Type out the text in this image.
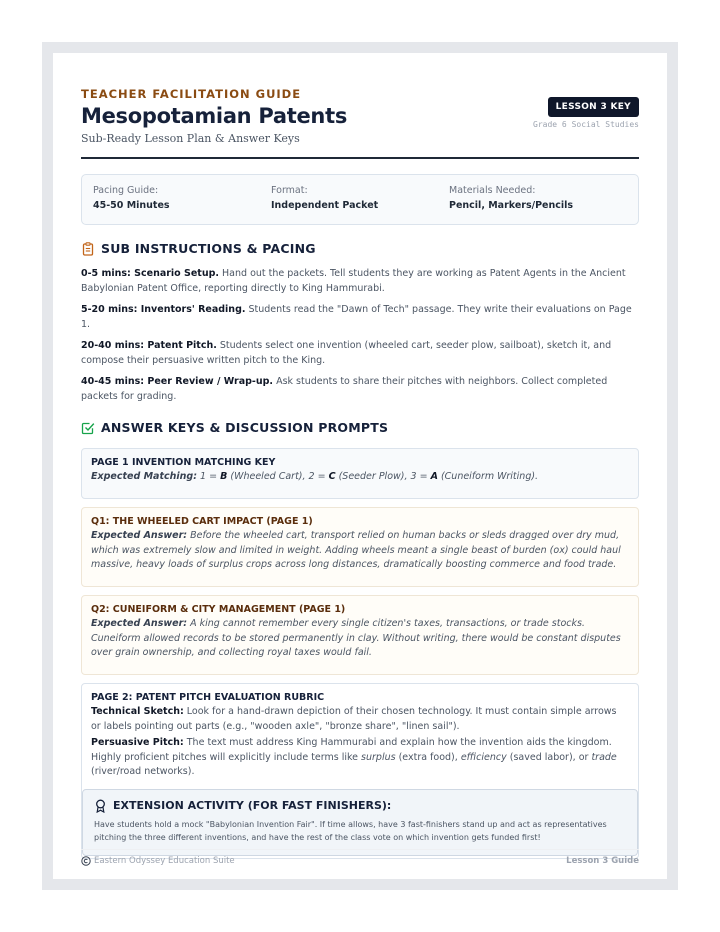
TEACHER FACILITATION GUIDE
Mesopotamian Patents
Sub-Ready Lesson Plan & Answer Keys
LESSON 3 KEY
Grade 6 Social Studies
Pacing Guide:
45-50 Minutes
Format:
Independent Packet
Materials Needed:
Pencil, Markers/Pencils
SUB INSTRUCTIONS & PACING
0-5 mins: Scenario Setup. Hand out the packets. Tell students they are working as Patent Agents in the Ancient Babylonian Patent Office, reporting directly to King Hammurabi.
5-20 mins: Inventors' Reading. Students read the "Dawn of Tech" passage. They write their evaluations on Page 1.
20-40 mins: Patent Pitch. Students select one invention (wheeled cart, seeder plow, sailboat), sketch it, and compose their persuasive written pitch to the King.
40-45 mins: Peer Review / Wrap-up. Ask students to share their pitches with neighbors. Collect completed packets for grading.
ANSWER KEYS & DISCUSSION PROMPTS
PAGE 1 INVENTION MATCHING KEY
Expected Matching: 1 = B (Wheeled Cart), 2 = C (Seeder Plow), 3 = A (Cuneiform Writing).
Q1: THE WHEELED CART IMPACT (PAGE 1)
Expected Answer: Before the wheeled cart, transport relied on human backs or sleds dragged over dry mud, which was extremely slow and limited in weight. Adding wheels meant a single beast of burden (ox) could haul massive, heavy loads of surplus crops across long distances, dramatically boosting commerce and food trade.
Q2: CUNEIFORM & CITY MANAGEMENT (PAGE 1)
Expected Answer: A king cannot remember every single citizen's taxes, transactions, or trade stocks. Cuneiform allowed records to be stored permanently in clay. Without writing, there would be constant disputes over grain ownership, and collecting royal taxes would fail.
PAGE 2: PATENT PITCH EVALUATION RUBRIC
Technical Sketch: Look for a hand-drawn depiction of their chosen technology. It must contain simple arrows or labels pointing out parts (e.g., "wooden axle", "bronze share", "linen sail").
Persuasive Pitch: The text must address King Hammurabi and explain how the invention aids the kingdom. Highly proficient pitches will explicitly include terms like surplus (extra food), efficiency (saved labor), or trade (river/road networks).
EXTENSION ACTIVITY (FOR FAST FINISHERS):
Have students hold a mock "Babylonian Invention Fair". If time allows, have 3 fast-finishers stand up and act as representatives pitching the three different inventions, and have the rest of the class vote on which invention gets funded first!
Eastern Odyssey Education Suite	Lesson 3 Guide
